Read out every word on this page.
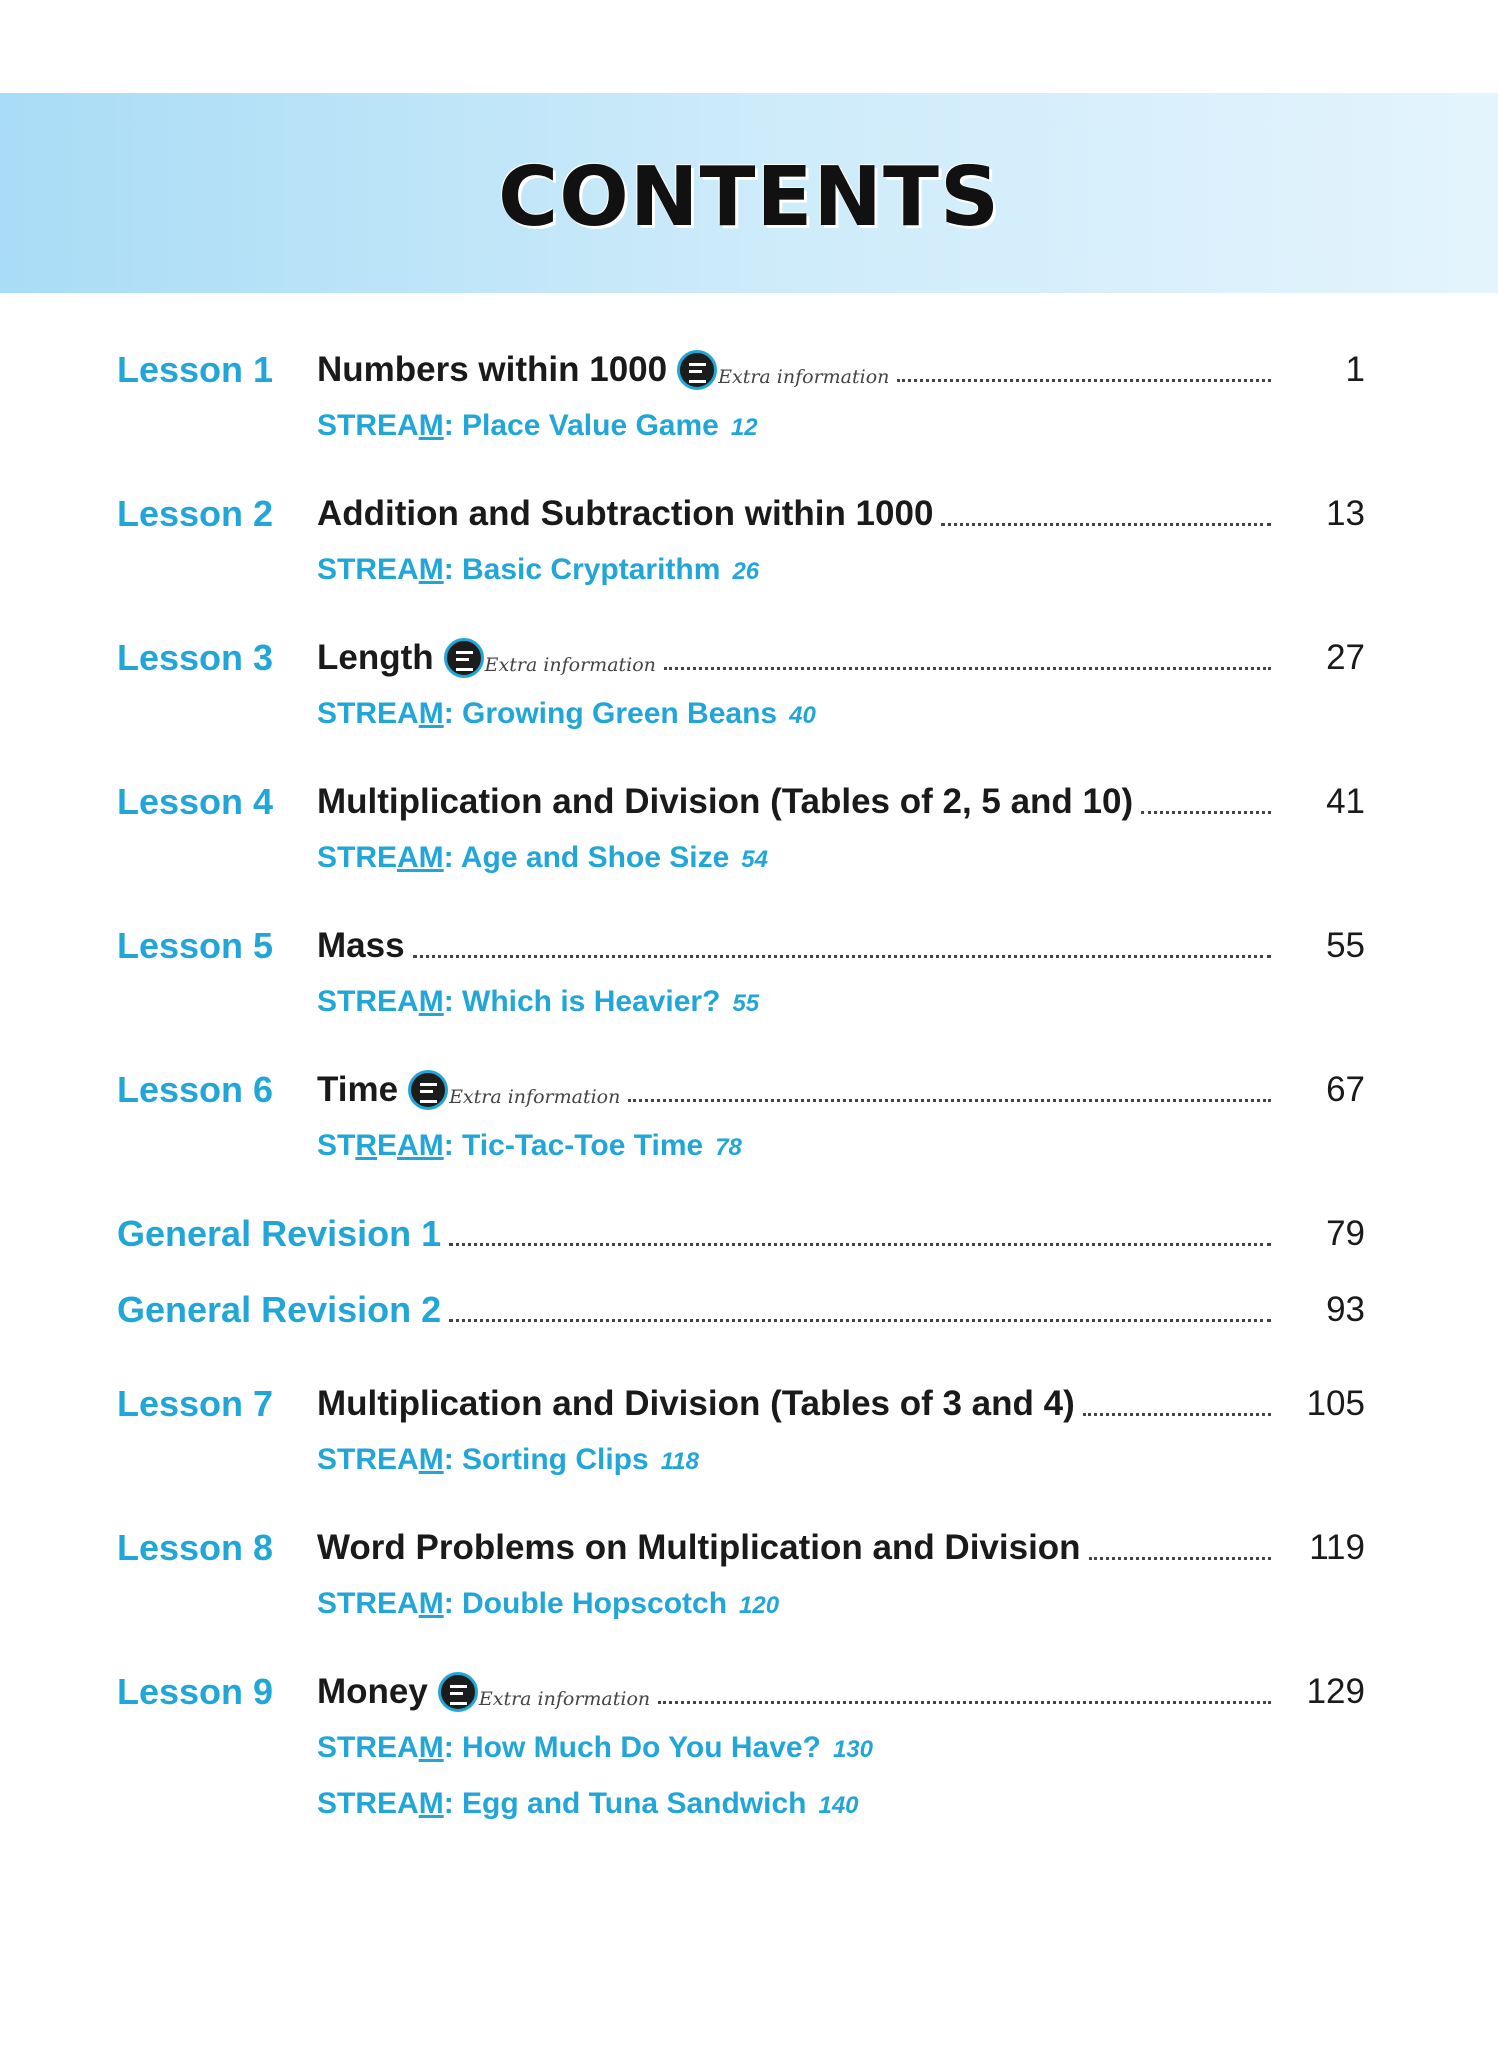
CONTENTS
Lesson 1 Numbers within 1000	Extra information	1
STREAM: Place Value Game 12
Lesson 2 Addition and Subtraction within 1000	13
STREAM: Basic Cryptarithm 26
Lesson 3 Length	Extra information	27
STREAM: Growing Green Beans 40
Lesson 4 Multiplication and Division (Tables of 2, 5 and 10)	41
STREAM: Age and Shoe Size 54
Lesson 5 Mass	55
STREAM: Which is Heavier? 55
Lesson 6 Time	Extra information	67
STREAM: Tic-Tac-Toe Time 78
General Revision 1	79
General Revision 2	93
Lesson 7 Multiplication and Division (Tables of 3 and 4)	105
STREAM: Sorting Clips 118
Lesson 8 Word Problems on Multiplication and Division	119
STREAM: Double Hopscotch 120
Lesson 9 Money	Extra information	129
STREAM: How Much Do You Have? 130
STREAM: Egg and Tuna Sandwich 140
